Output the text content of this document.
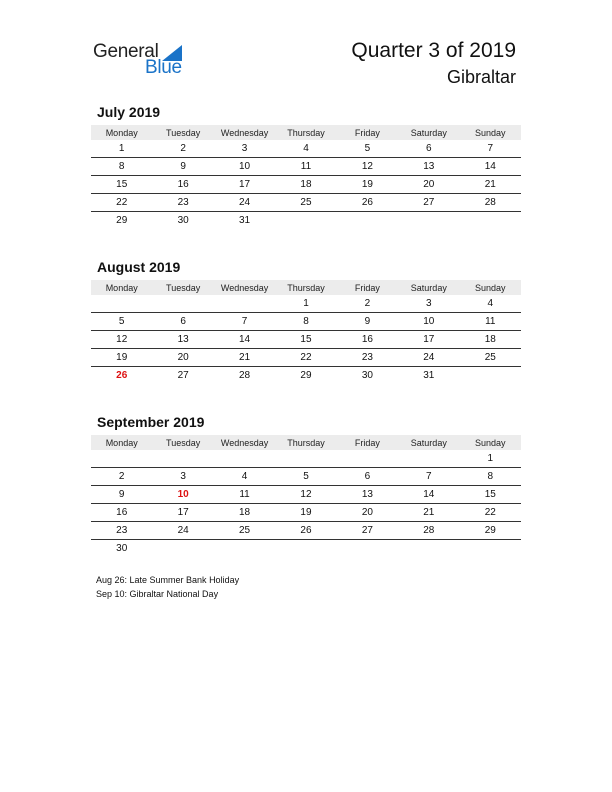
General
Blue
Quarter 3 of 2019
Gibraltar
July 2019
Monday	Tuesday	Wednesday	Thursday	Friday	Saturday	Sunday
1	2	3	4	5	6	7
8	9	10	11	12	13	14
15	16	17	18	19	20	21
22	23	24	25	26	27	28
29	30	31				
August 2019
Monday	Tuesday	Wednesday	Thursday	Friday	Saturday	Sunday
			1	2	3	4
5	6	7	8	9	10	11
12	13	14	15	16	17	18
19	20	21	22	23	24	25
26	27	28	29	30	31	
September 2019
Monday	Tuesday	Wednesday	Thursday	Friday	Saturday	Sunday
						1
2	3	4	5	6	7	8
9	10	11	12	13	14	15
16	17	18	19	20	21	22
23	24	25	26	27	28	29
30						
Aug 26: Late Summer Bank Holiday
Sep 10: Gibraltar National Day
